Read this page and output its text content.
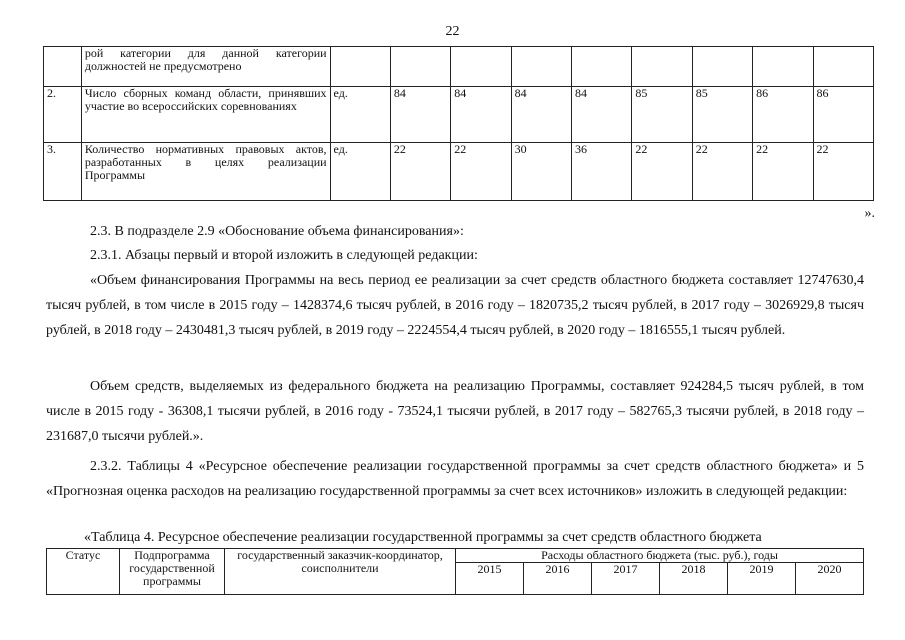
22
	рой категории для данной категории должностей не предусмотрено									
2.	Число сборных команд области, принявших участие во всероссийских соревнованиях	ед.	84	84	84	84	85	85	86	86
3.	Количество нормативных правовых актов, разработанных в целях реализации Программы	ед.	22	22	30	36	22	22	22	22
».
2.3. В подразделе 2.9 «Обоснование объема финансирования»:
2.3.1. Абзацы первый и второй изложить в следующей редакции:
«Объем финансирования Программы на весь период ее реализации за счет средств областного бюджета составляет 12747630,4 тысяч рублей, в том числе в 2015 году – 1428374,6 тысяч рублей, в 2016 году – 1820735,2 тысяч рублей, в 2017 году – 3026929,8 тысяч рублей, в 2018 году – 2430481,3 тысяч рублей, в 2019 году – 2224554,4 тысяч рублей, в 2020 году – 1816555,1 тысяч рублей.
Объем средств, выделяемых из федерального бюджета на реализацию Программы, составляет 924284,5 тысяч рублей, в том числе в 2015 году - 36308,1 тысячи рублей, в 2016 году - 73524,1 тысячи рублей, в 2017 году – 582765,3 тысячи рублей, в 2018 году – 231687,0 тысячи рублей.».
2.3.2. Таблицы 4 «Ресурсное обеспечение реализации государственной программы за счет средств областного бюджета» и 5 «Прогнозная оценка расходов на реализацию государственной программы за счет всех источников» изложить в следующей редакции:
«Таблица 4. Ресурсное обеспечение реализации государственной программы за счет средств областного бюджета
Статус	Подпрограмма государственной программы	государственный заказчик-координатор, соисполнители	Расходы областного бюджета (тыс. руб.), годы					
			2015	2016	2017	2018	2019	2020
